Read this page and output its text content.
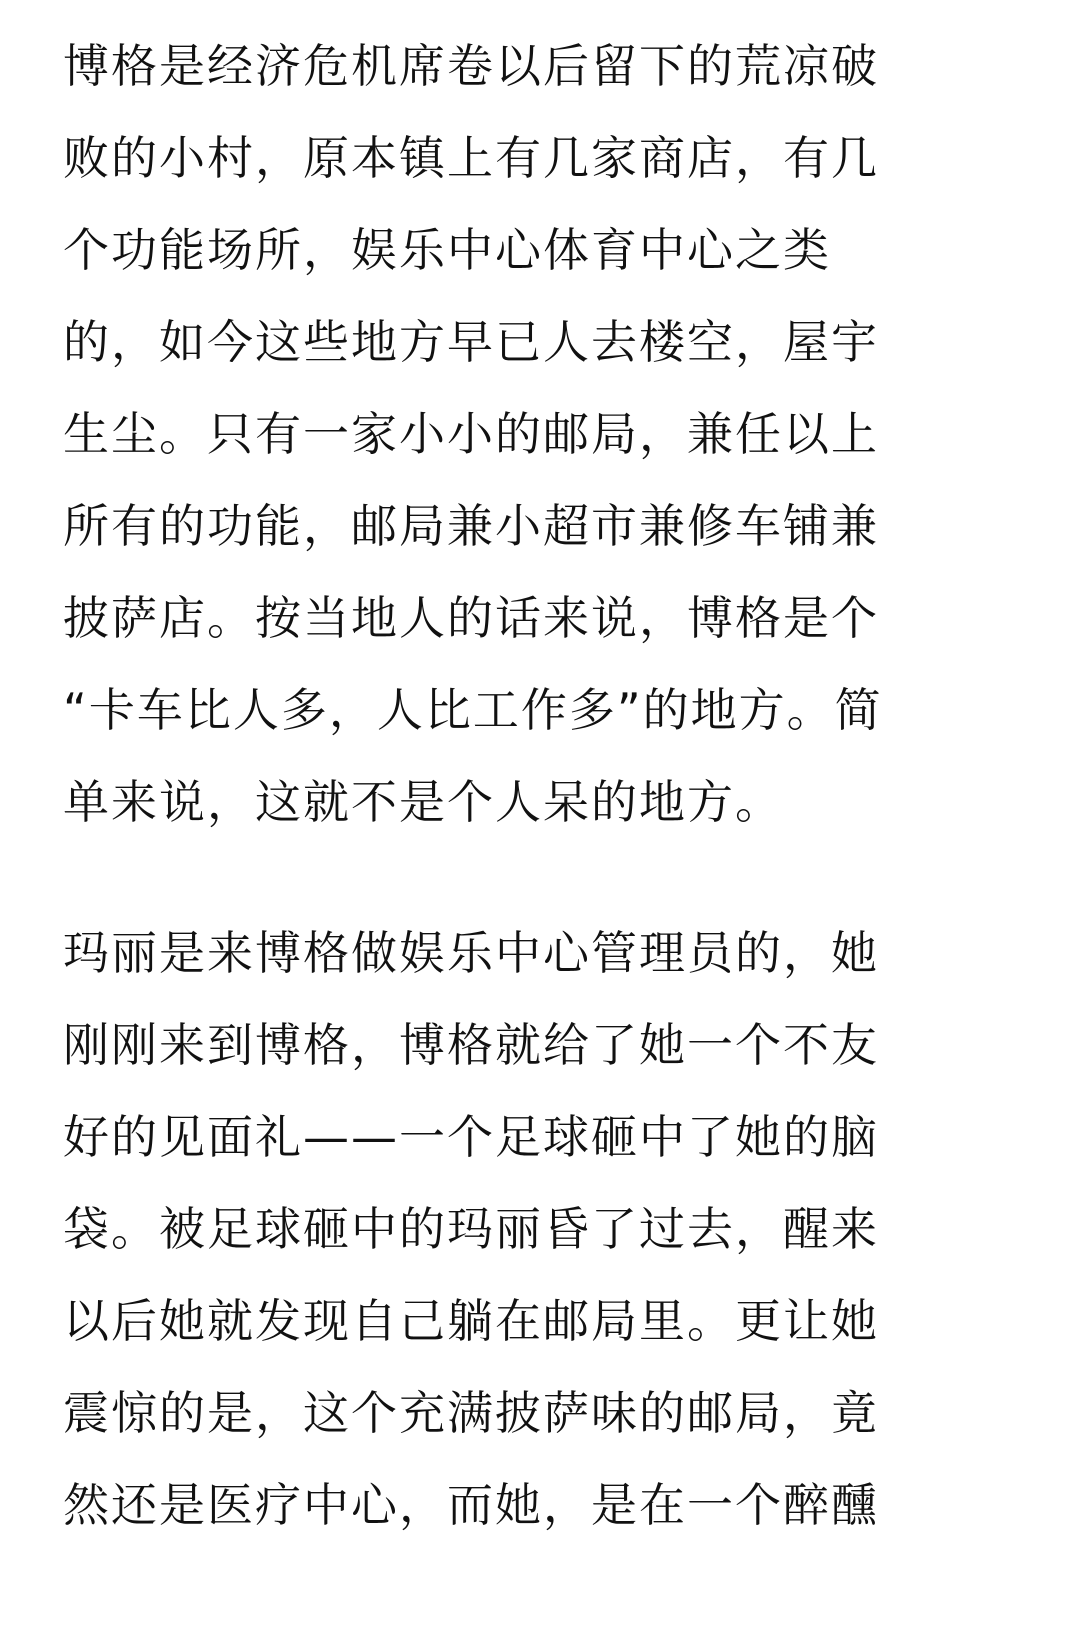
博格是经济危机席卷以后留下的荒凉破
败的小村，原本镇上有几家商店，有几
个功能场所，娱乐中心体育中心之类
的，如今这些地方早已人去楼空，屋宇
生尘。只有一家小小的邮局，兼任以上
所有的功能，邮局兼小超市兼修车铺兼
披萨店。按当地人的话来说，博格是个
“卡车比人多，人比工作多”的地方。简
单来说，这就不是个人呆的地方。
玛丽是来博格做娱乐中心管理员的，她
刚刚来到博格，博格就给了她一个不友
好的见面礼——一个足球砸中了她的脑
袋。被足球砸中的玛丽昏了过去，醒来
以后她就发现自己躺在邮局里。更让她
震惊的是，这个充满披萨味的邮局，竟
然还是医疗中心，而她，是在一个醉醺
